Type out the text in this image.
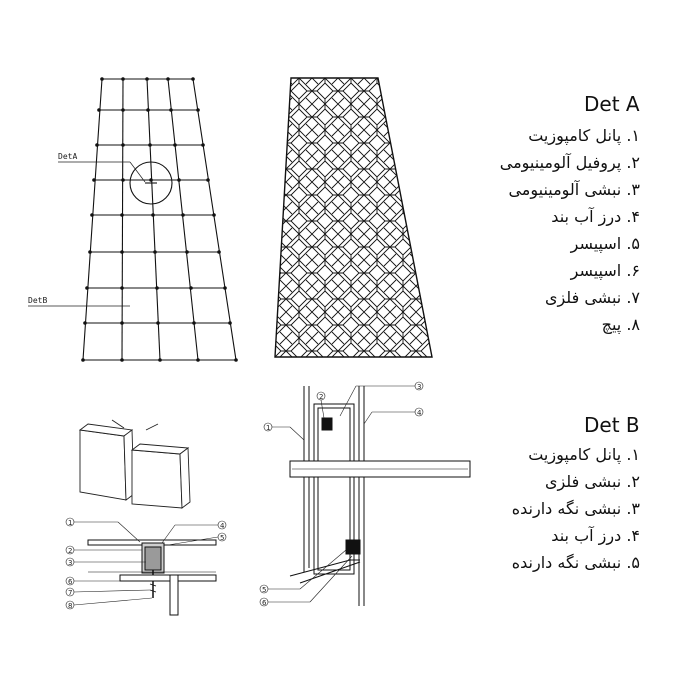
DetA
DetB
1
2
3
4
5
6
7
8
1
2
3
4
5
6
Det A
۱. پانل کامپوزیت
۲. پروفیل آلومینیومی
۳. نبشی آلومینیومی
۴. درز آب بند
۵. اسپیسر
۶. اسپیسر
۷. نبشی فلزی
۸. پیچ
Det B
۱. پانل کامپوزیت
۲. نبشی فلزی
۳. نبشی نگه دارنده
۴. درز آب بند
۵. نبشی نگه دارنده
